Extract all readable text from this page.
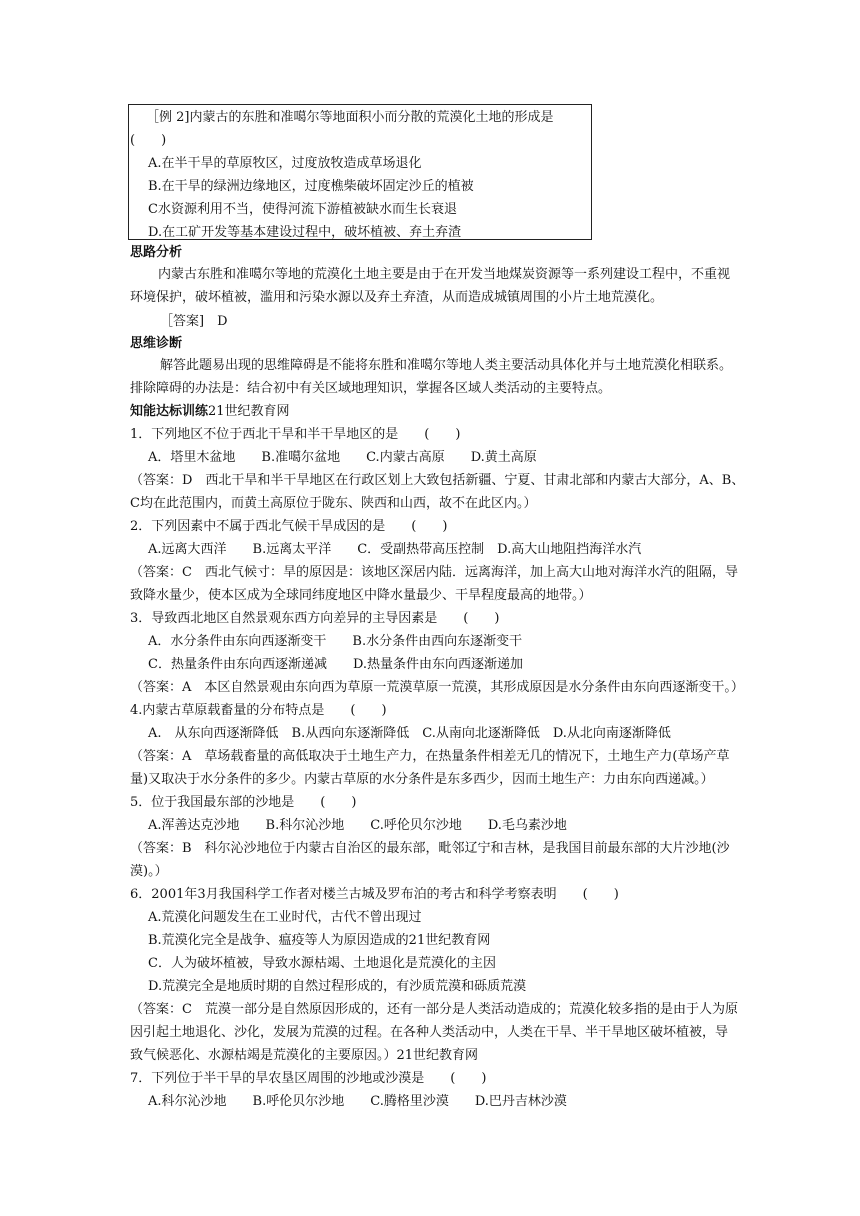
［例 2]内蒙古的东胜和准噶尔等地面积小而分散的荒漠化土地的形成是
(　　)
A.在半干旱的草原牧区，过度放牧造成草场退化
B.在干旱的绿洲边缘地区，过度樵柴破坏固定沙丘的植被
C水资源利用不当，使得河流下游植被缺水而生长衰退
D.在工矿开发等基本建设过程中，破坏植被、弃土弃渣
思路分析
内蒙古东胜和准噶尔等地的荒漠化土地主要是由于在开发当地煤炭资源等一系列建设工程中，不重视
环境保护，破坏植被，滥用和污染水源以及弃土弃渣，从而造成城镇周围的小片土地荒漠化。
［答案]　D
思维诊断
解答此题易出现的思维障碍是不能将东胜和准噶尔等地人类主要活动具体化并与土地荒漠化相联系。
排除障碍的办法是：结合初中有关区域地理知识，掌握各区域人类活动的主要特点。
知能达标训练21世纪教育网
1．下列地区不位于西北干旱和半干旱地区的是　　(　　)
A．塔里木盆地　　B.准噶尔盆地　　C.内蒙古高原　　D.黄土高原
（答案：D　西北干旱和半干旱地区在行政区划上大致包括新疆、宁夏、甘肃北部和内蒙古大部分，A、B、
C均在此范围内，而黄土高原位于陇东、陕西和山西，故不在此区内。）
2．下列因素中不属于西北气候干旱成因的是　　(　　)
A.远离大西洋　　B.远离太平洋　　C．受副热带高压控制　D.高大山地阻挡海洋水汽
（答案：C　西北气候寸：旱的原因是：该地区深居内陆．远离海洋，加上高大山地对海洋水汽的阻隔，导
致降水量少，使本区成为全球同纬度地区中降水量最少、干旱程度最高的地带。）
3．导致西北地区自然景观东西方向差异的主导因素是　　(　　)
A．水分条件由东向西逐渐变干　　B.水分条件由西向东逐渐变干
C．热量条件由东向西逐渐递减　　D.热量条件由东向西逐渐递加
（答案：A　本区自然景观由东向西为草原一荒漠草原一荒漠，其形成原因是水分条件由东向西逐渐变干。）
4.内蒙古草原载畜量的分布特点是　　(　　)
A.　从东向西逐渐降低　B.从西向东逐渐降低　C.从南向北逐渐降低　D.从北向南逐渐降低
（答案：A　草场载畜量的高低取决于土地生产力，在热量条件相差无几的情况下，土地生产力(草场产草
量)又取决于水分条件的多少。内蒙古草原的水分条件是东多西少，因而土地生产：力由东向西递减。）
5．位于我国最东部的沙地是　　(　　)
A.浑善达克沙地　　B.科尔沁沙地　　C.呼伦贝尔沙地　　D.毛乌素沙地
（答案：B　科尔沁沙地位于内蒙古自治区的最东部，毗邻辽宁和吉林，是我国目前最东部的大片沙地(沙
漠)。）
6．2001年3月我国科学工作者对楼兰古城及罗布泊的考古和科学考察表明　　(　　)
A.荒漠化问题发生在工业时代，古代不曾出现过
B.荒漠化完全是战争、瘟疫等人为原因造成的21世纪教育网
C．人为破坏植被，导致水源枯竭、土地退化是荒漠化的主因
D.荒漠完全是地质时期的自然过程形成的，有沙质荒漠和砾质荒漠
（答案：C　荒漠一部分是自然原因形成的，还有一部分是人类活动造成的；荒漠化较多指的是由于人为原
因引起土地退化、沙化，发展为荒漠的过程。在各种人类活动中，人类在干旱、半干旱地区破坏植被，导
致气候恶化、水源枯竭是荒漠化的主要原因。）21世纪教育网
7．下列位于半干旱的旱农垦区周围的沙地或沙漠是　　(　　)
A.科尔沁沙地　　B.呼伦贝尔沙地　　C.腾格里沙漠　　D.巴丹吉林沙漠
